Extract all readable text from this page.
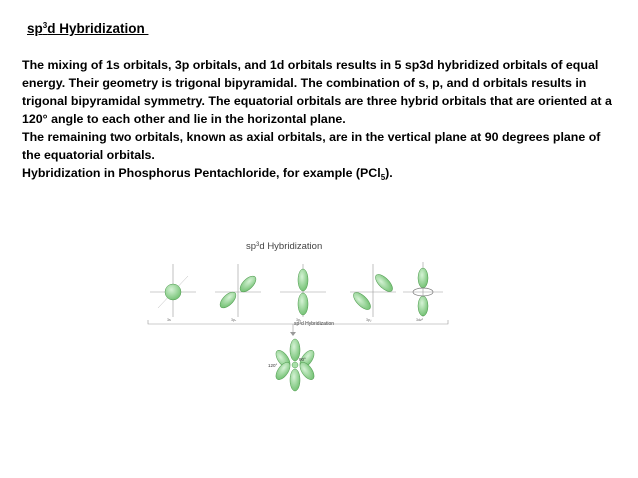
$sp^3d$ Hybridization

The mixing of 1s orbitals, 3p orbitals, and 1d orbitals results in 5 sp3d hybridized orbitals of equal energy. Their geometry is trigonal bipyramidal. The combination of s, p, and d orbitals results in trigonal bipyramidal symmetry. The equatorial orbitals are three hybrid orbitals that are oriented at a 120° angle to each other and lie in the horizontal plane.

The remaining two orbitals, known as axial orbitals, are in the vertical plane at 90 degrees plane of the equatorial orbitals.

Hybridization in Phosphorus Pentachloride, for example (PCl$_5$).

$sp^3d$ Hybridization
3s	3pₓ	3pᵧ	3p𝓏	3dz²
sp³d Hybridization
120°
90°
